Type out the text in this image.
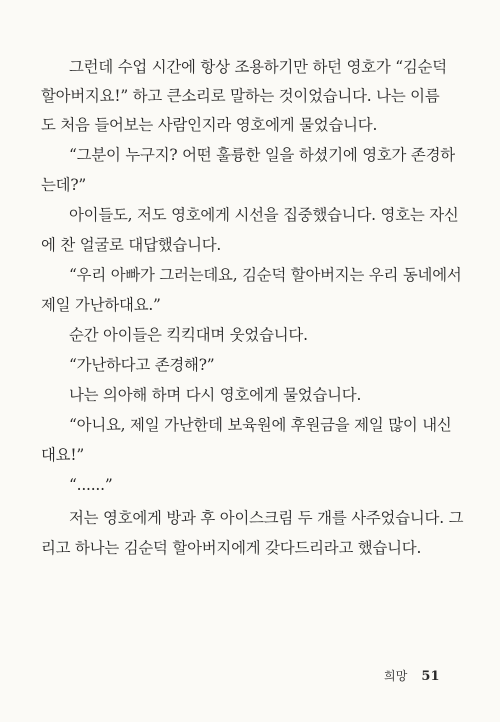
그런데 수업 시간에 항상 조용하기만 하던 영호가 “김순덕
할아버지요!” 하고 큰소리로 말하는 것이었습니다. 나는 이름
도 처음 들어보는 사람인지라 영호에게 물었습니다.
“그분이 누구지? 어떤 훌륭한 일을 하셨기에 영호가 존경하
는데?”
아이들도, 저도 영호에게 시선을 집중했습니다. 영호는 자신
에 찬 얼굴로 대답했습니다.
“우리 아빠가 그러는데요, 김순덕 할아버지는 우리 동네에서
제일 가난하대요.”
순간 아이들은 킥킥대며 웃었습니다.
“가난하다고 존경해?”
나는 의아해 하며 다시 영호에게 물었습니다.
“아니요, 제일 가난한데 보육원에 후원금을 제일 많이 내신
대요!”
“......”
저는 영호에게 방과 후 아이스크림 두 개를 사주었습니다. 그
리고 하나는 김순덕 할아버지에게 갖다드리라고 했습니다.
희망 51
